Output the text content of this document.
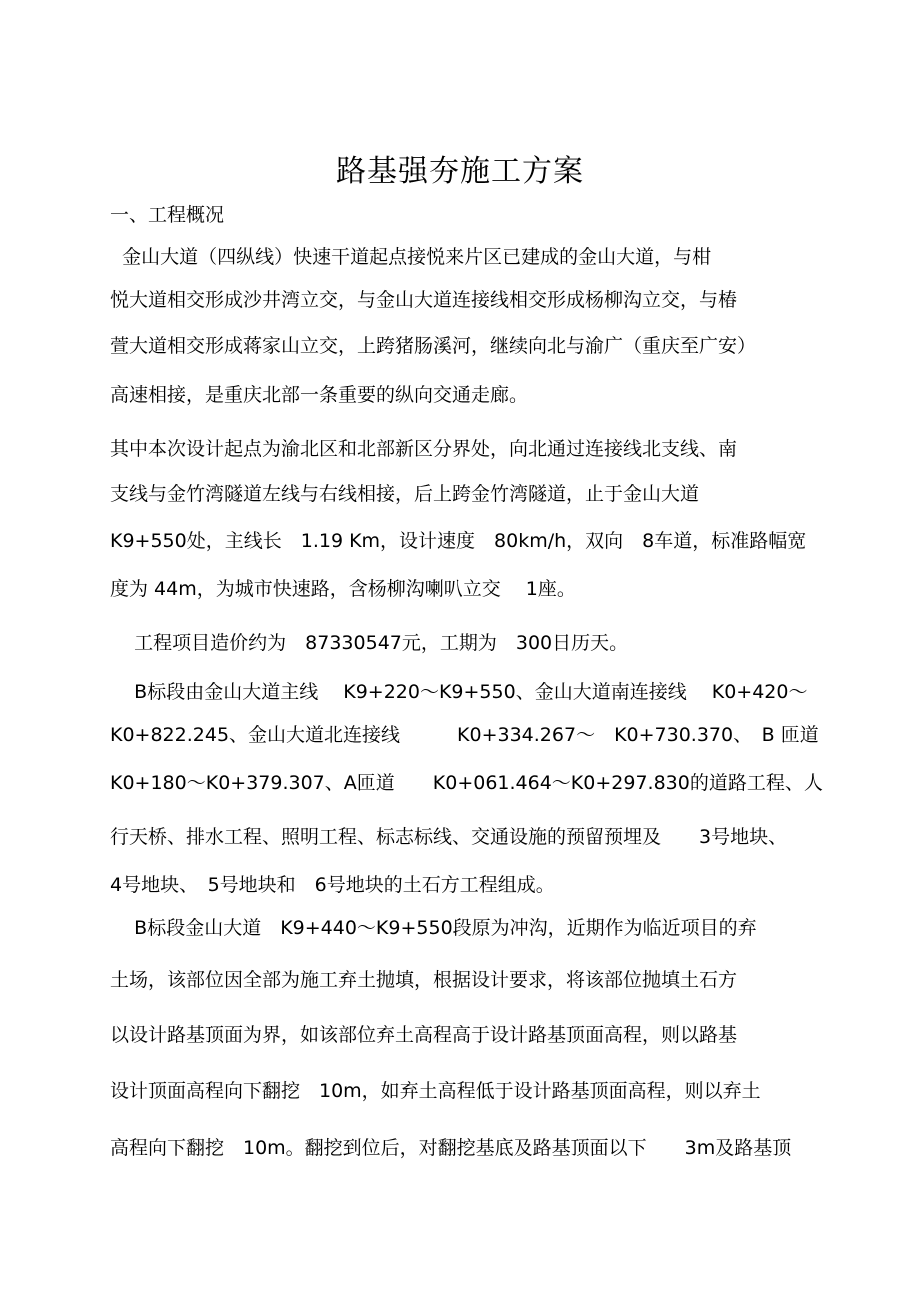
路基强夯施工方案
一、工程概况
金山大道（四纵线）快速干道起点接悦来片区已建成的金山大道，与柑
悦大道相交形成沙井湾立交，与金山大道连接线相交形成杨柳沟立交，与椿
萱大道相交形成蒋家山立交，上跨猪肠溪河，继续向北与渝广（重庆至广安）
高速相接，是重庆北部一条重要的纵向交通走廊。
其中本次设计起点为渝北区和北部新区分界处，向北通过连接线北支线、南
支线与金竹湾隧道左线与右线相接，后上跨金竹湾隧道，止于金山大道
K9+550处，主线长　1.19 Km，设计速度　80km/h，双向　8车道，标准路幅宽
度为 44m，为城市快速路，含杨柳沟喇叭立交　 1座。
工程项目造价约为　87330547元，工期为　300日历天。
B标段由金山大道主线　 K9+220～K9+550、金山大道南连接线　 K0+420～
K0+822.245、金山大道北连接线　　　K0+334.267～　K0+730.370、　B 匝道
K0+180～K0+379.307、A匝道　　K0+061.464～K0+297.830的道路工程、人
行天桥、排水工程、照明工程、标志标线、交通设施的预留预埋及　　3号地块、
4号地块、　5号地块和　6号地块的土石方工程组成。
B标段金山大道　K9+440～K9+550段原为冲沟，近期作为临近项目的弃
土场，该部位因全部为施工弃土抛填，根据设计要求，将该部位抛填土石方
以设计路基顶面为界，如该部位弃土高程高于设计路基顶面高程，则以路基
设计顶面高程向下翻挖　10m，如弃土高程低于设计路基顶面高程，则以弃土
高程向下翻挖　10m。翻挖到位后，对翻挖基底及路基顶面以下　　3m及路基顶
